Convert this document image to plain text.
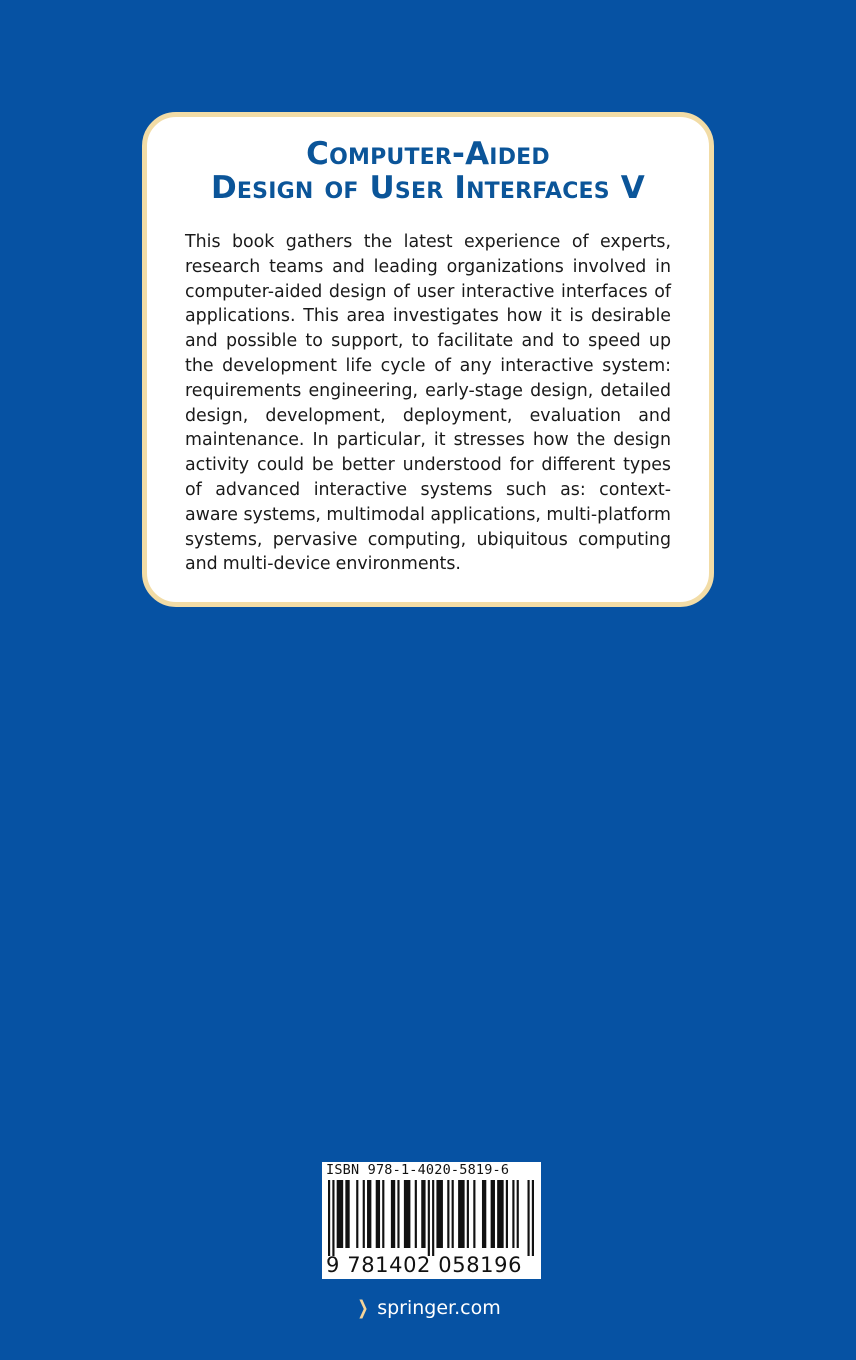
Computer-Aided
Design of User Interfaces V

This book gathers the latest experience of experts, research teams and leading organizations involved in computer-aided design of user interactive interfaces of applications. This area investigates how it is desirable and possible to support, to facilitate and to speed up the development life cycle of any interactive system: requirements engineering, early-stage design, detailed design, development, deployment, evaluation and maintenance. In particular, it stresses how the design activity could be better understood for different types of advanced interactive systems such as: context-aware systems, multimodal applications, multi-platform systems, pervasive computing, ubiquitous computing and multi-device environments.

ISBN 978-1-4020-5819-6
9 781402 058196
❯ springer.com
